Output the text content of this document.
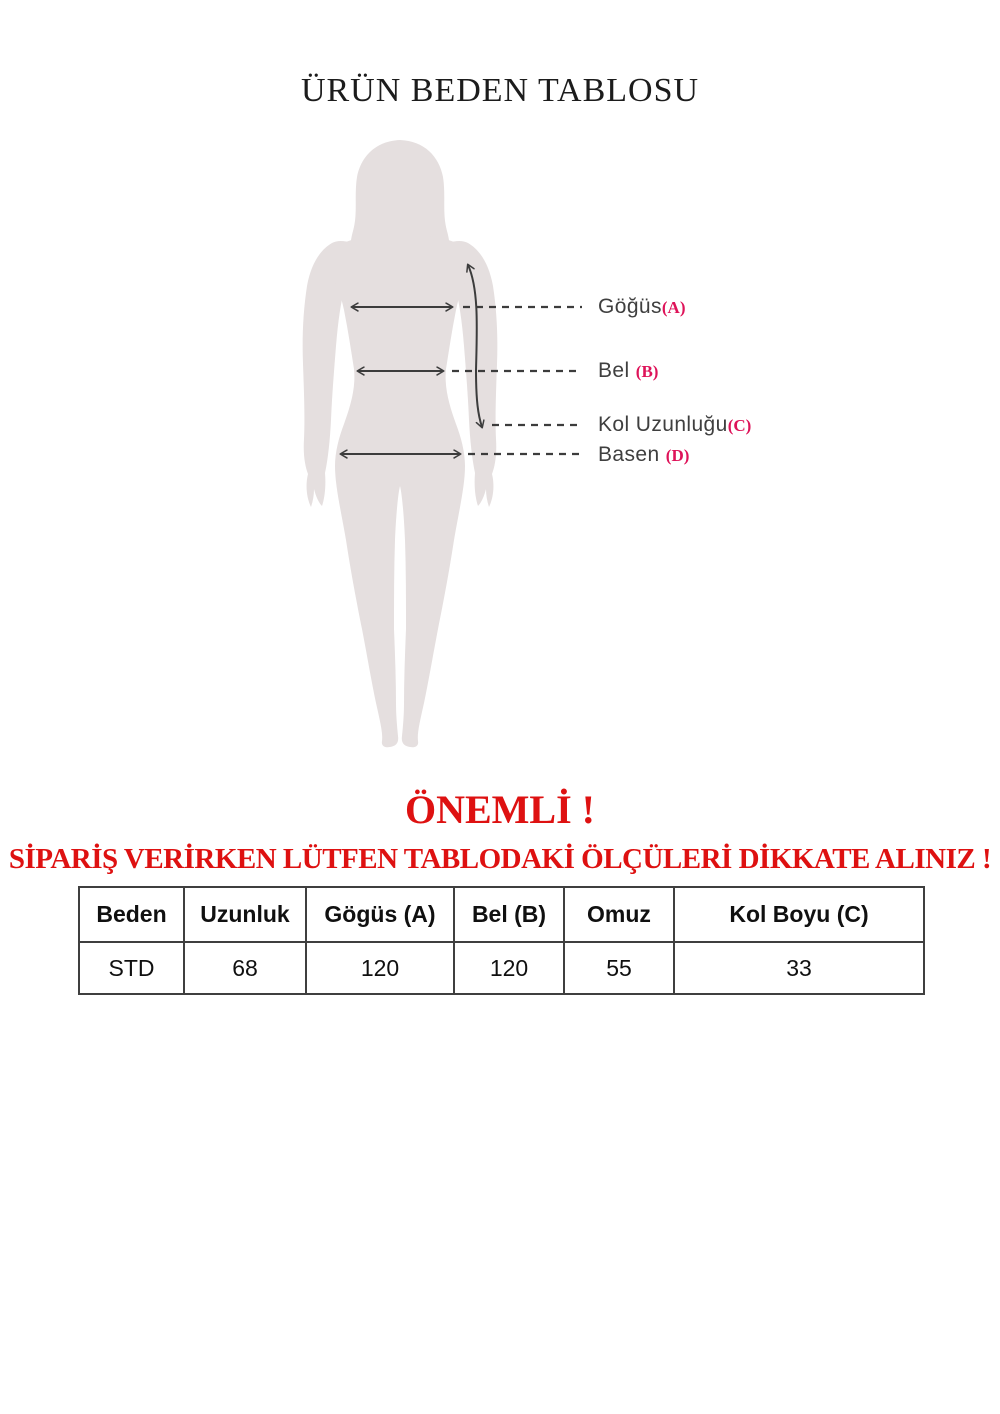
ÜRÜN BEDEN TABLOSU
Göğüs(A)
Bel (B)
Kol Uzunluğu(C)
Basen (D)
ÖNEMLİ !
SİPARİŞ VERİRKEN LÜTFEN TABLODAKİ ÖLÇÜLERİ DİKKATE ALINIZ !
Beden	Uzunluk	Gögüs (A)	Bel (B)	Omuz	Kol Boyu (C)
STD	68	120	120	55	33
